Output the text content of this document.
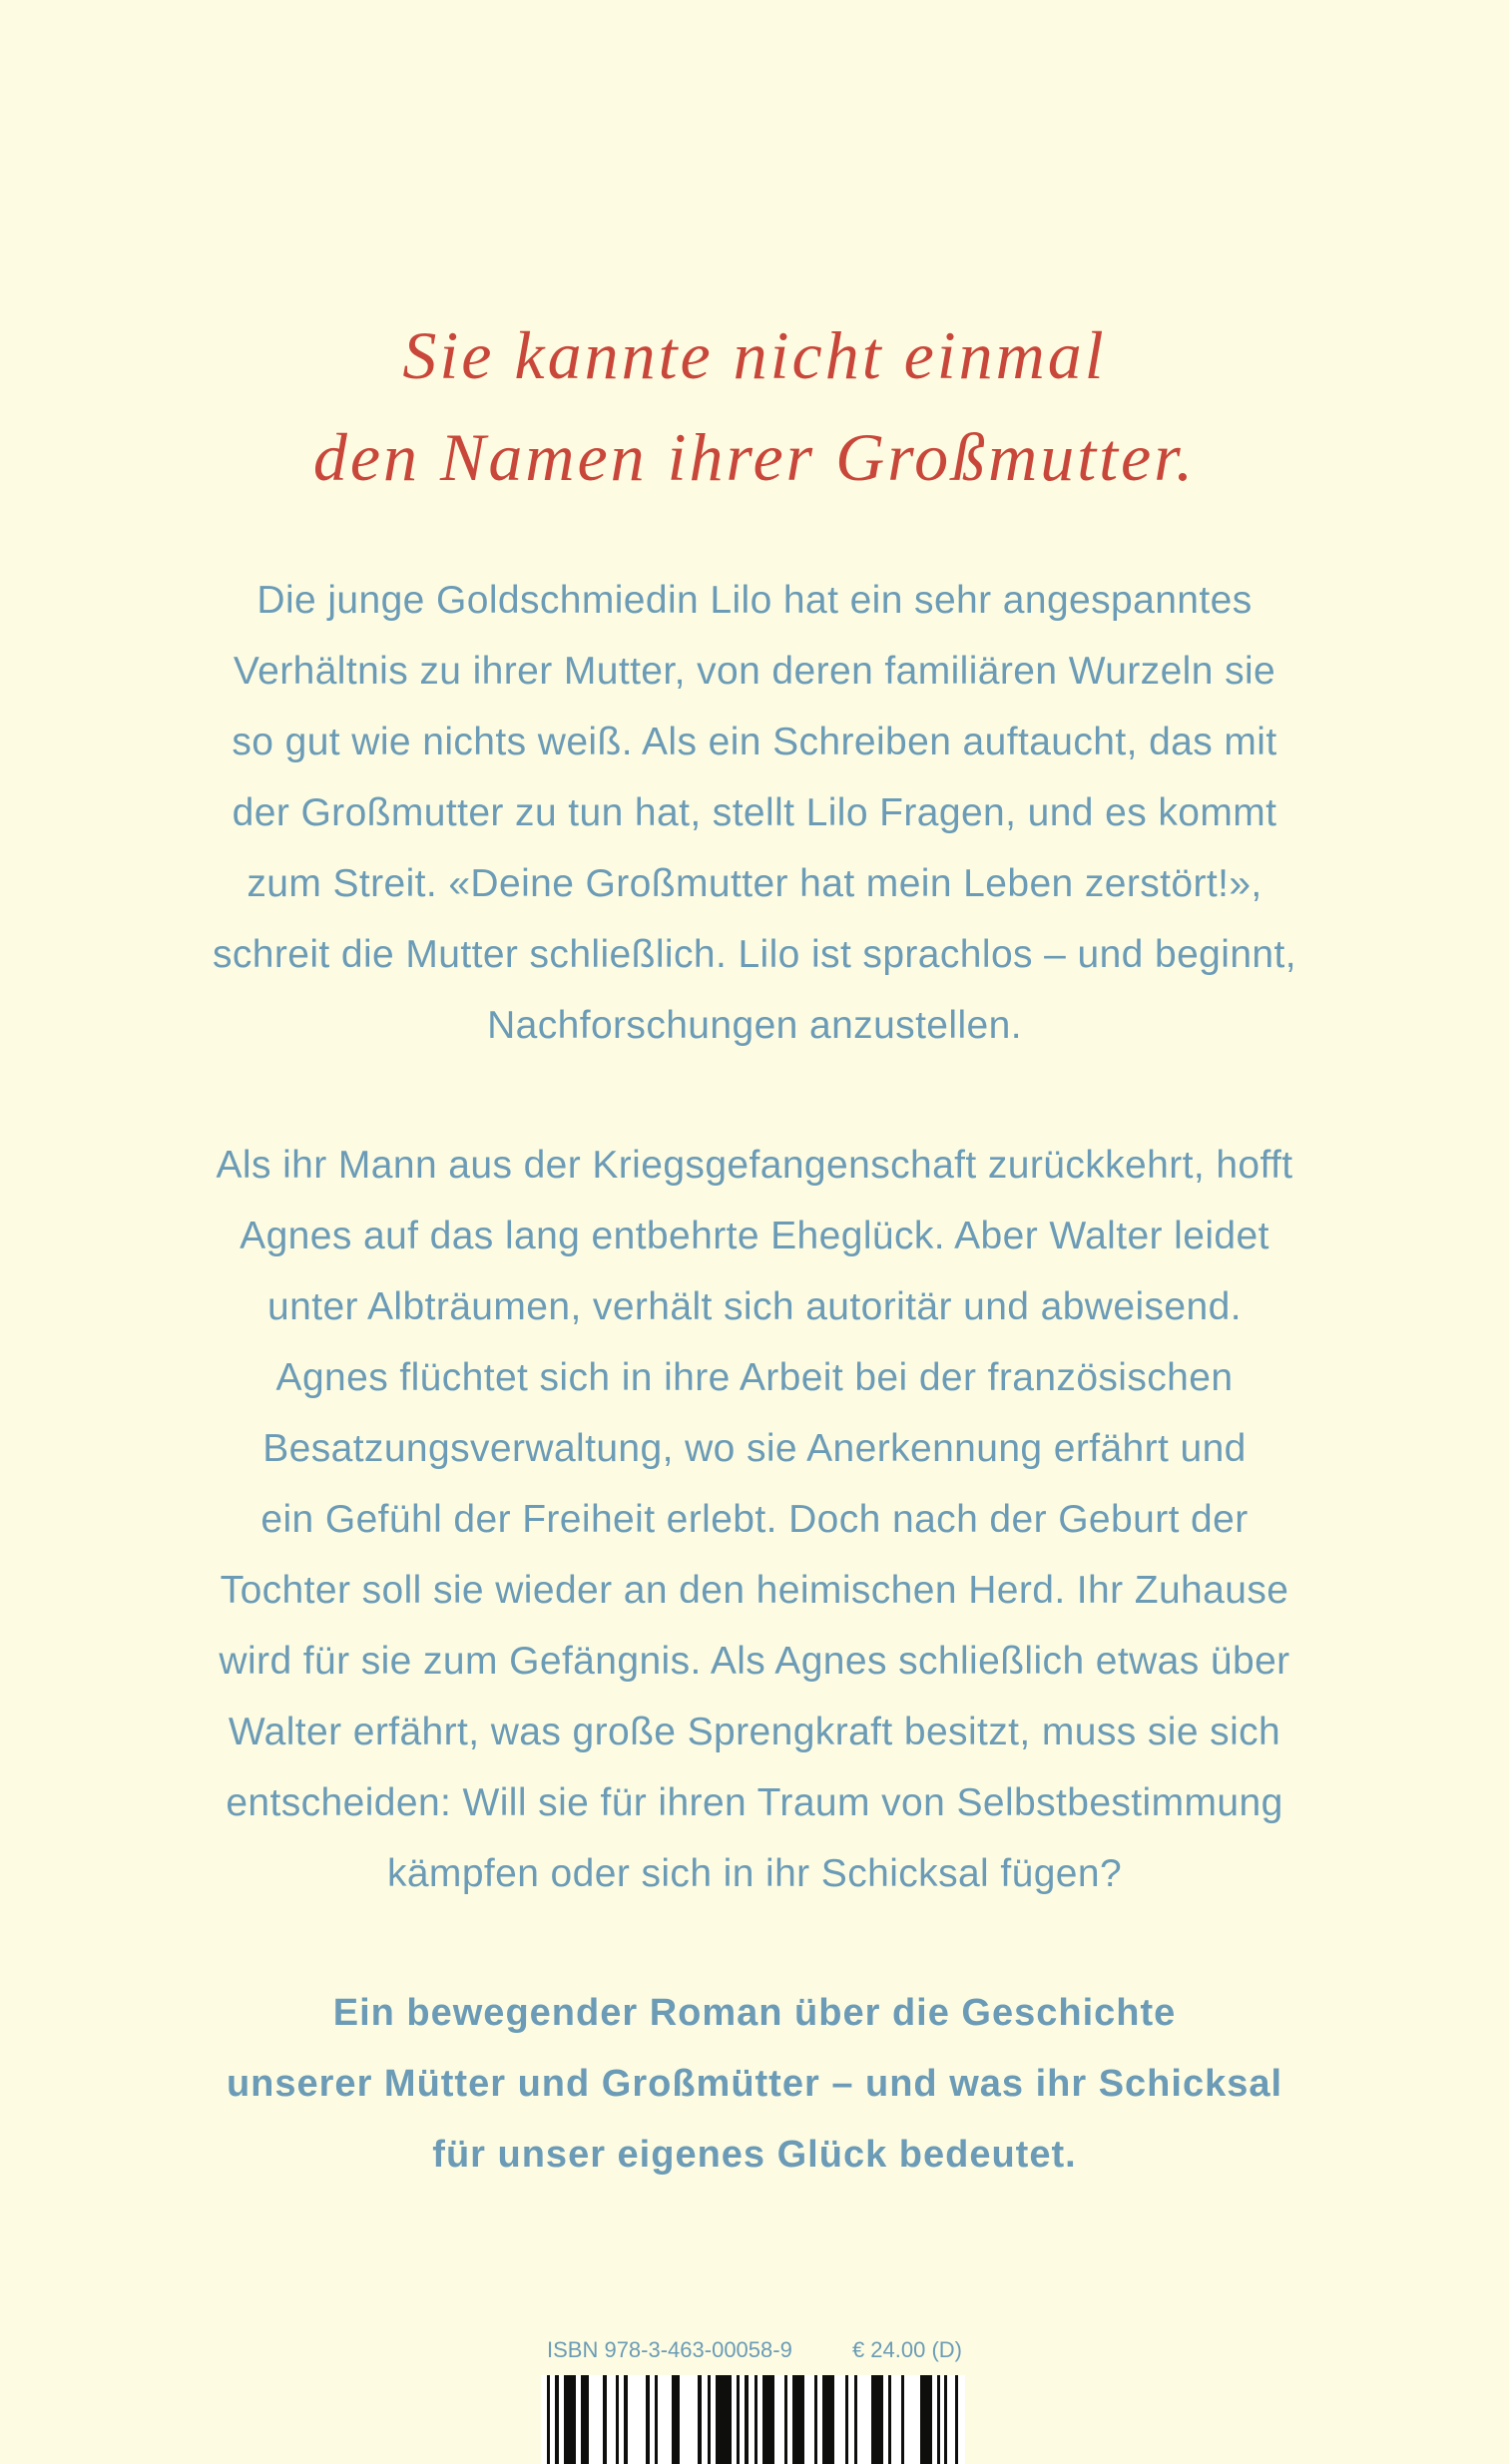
Sie kannte nicht einmal
den Namen ihrer Großmutter.
Die junge Goldschmiedin Lilo hat ein sehr angespanntes
Verhältnis zu ihrer Mutter, von deren familiären Wurzeln sie
so gut wie nichts weiß. Als ein Schreiben auftaucht, das mit
der Großmutter zu tun hat, stellt Lilo Fragen, und es kommt
zum Streit. «Deine Großmutter hat mein Leben zerstört!»,
schreit die Mutter schließlich. Lilo ist sprachlos – und beginnt,
Nachforschungen anzustellen.
Als ihr Mann aus der Kriegsgefangenschaft zurückkehrt, hofft
Agnes auf das lang entbehrte Eheglück. Aber Walter leidet
unter Albträumen, verhält sich autoritär und abweisend.
Agnes flüchtet sich in ihre Arbeit bei der französischen
Besatzungsverwaltung, wo sie Anerkennung erfährt und
ein Gefühl der Freiheit erlebt. Doch nach der Geburt der
Tochter soll sie wieder an den heimischen Herd. Ihr Zuhause
wird für sie zum Gefängnis. Als Agnes schließlich etwas über
Walter erfährt, was große Sprengkraft besitzt, muss sie sich
entscheiden: Will sie für ihren Traum von Selbstbestimmung
kämpfen oder sich in ihr Schicksal fügen?
Ein bewegender Roman über die Geschichte
unserer Mütter und Großmütter – und was ihr Schicksal
für unser eigenes Glück bedeutet.
ISBN 978-3-463-00058-9	€ 24.00 (D)
